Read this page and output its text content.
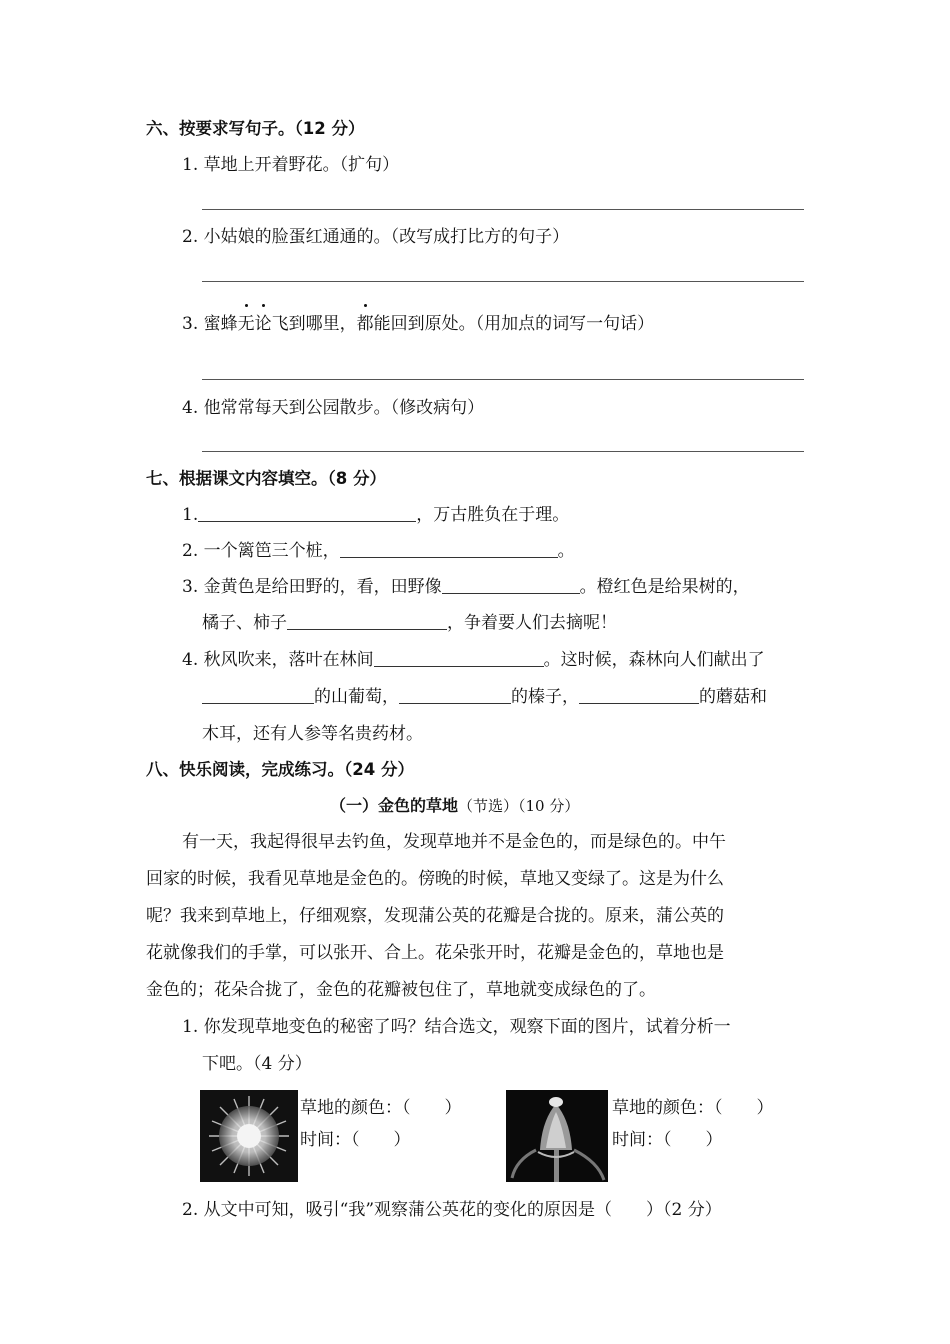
六、按要求写句子。（12 分）
1. 草地上开着野花。（扩句）
2. 小姑娘的脸蛋红通通的。（改写成打比方的句子）
3. 蜜蜂无论飞到哪里，都能回到原处。（用加点的词写一句话）
4. 他常常每天到公园散步。（修改病句）
七、根据课文内容填空。（8 分）
1.	，万古胜负在于理。
2. 一个篱笆三个桩，	。
3. 金黄色是给田野的，看，田野像	。橙红色是给果树的，
橘子、柿子	，争着要人们去摘呢！
4. 秋风吹来，落叶在林间	。这时候，森林向人们献出了
的山葡萄，	的榛子，	的蘑菇和
木耳，还有人参等名贵药材。
八、快乐阅读，完成练习。（24 分）
（一）金色的草地（节选）（10 分）
有一天，我起得很早去钓鱼，发现草地并不是金色的，而是绿色的。中午
回家的时候，我看见草地是金色的。傍晚的时候，草地又变绿了。这是为什么
呢？我来到草地上，仔细观察，发现蒲公英的花瓣是合拢的。原来，蒲公英的
花就像我们的手掌，可以张开、合上。花朵张开时，花瓣是金色的，草地也是
金色的；花朵合拢了，金色的花瓣被包住了，草地就变成绿色的了。
1. 你发现草地变色的秘密了吗？结合选文，观察下面的图片，试着分析一
下吧。（4 分）
草地的颜色：（　　）
时间：（　　）
草地的颜色：（　　）
时间：（　　）
2. 从文中可知，吸引“我”观察蒲公英花的变化的原因是（　　）（2 分）
